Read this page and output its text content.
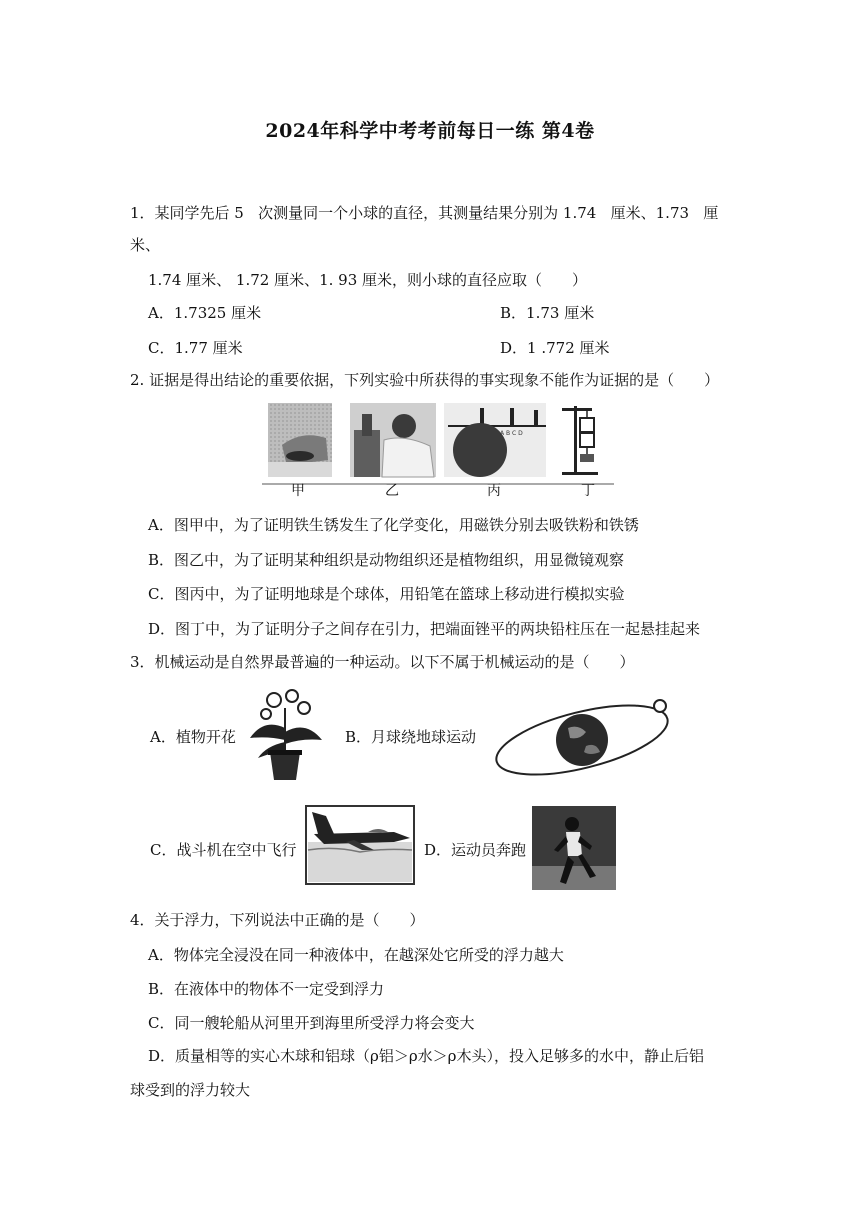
2024年科学中考考前每日一练 第4卷
1．某同学先后 5   次测量同一个小球的直径，其测量结果分别为 1.74   厘米、1.73   厘
米、
1.74 厘米、 1.72 厘米、1. 93 厘米，则小球的直径应取（　　）
A．1.7325 厘米	B．1.73 厘米
C．1.77 厘米	D．1 .772 厘米
2. 证据是得出结论的重要依据，下列实验中所获得的事实现象不能作为证据的是（　　）
A B C D
甲	乙	丙	丁
A．图甲中，为了证明铁生锈发生了化学变化，用磁铁分别去吸铁粉和铁锈
B．图乙中，为了证明某种组织是动物组织还是植物组织，用显微镜观察
C．图丙中，为了证明地球是个球体，用铅笔在篮球上移动进行模拟实验
D．图丁中，为了证明分子之间存在引力，把端面锉平的两块铅柱压在一起悬挂起来
3．机械运动是自然界最普遍的一种运动。以下不属于机械运动的是（　　）
A．植物开花	B．月球绕地球运动
C．战斗机在空中飞行	D．运动员奔跑
4．关于浮力，下列说法中正确的是（　　）
A．物体完全浸没在同一种液体中，在越深处它所受的浮力越大
B．在液体中的物体不一定受到浮力
C．同一艘轮船从河里开到海里所受浮力将会变大
D．质量相等的实心木球和铝球（ρ铝＞ρ水＞ρ木头），投入足够多的水中，静止后铝
球受到的浮力较大
